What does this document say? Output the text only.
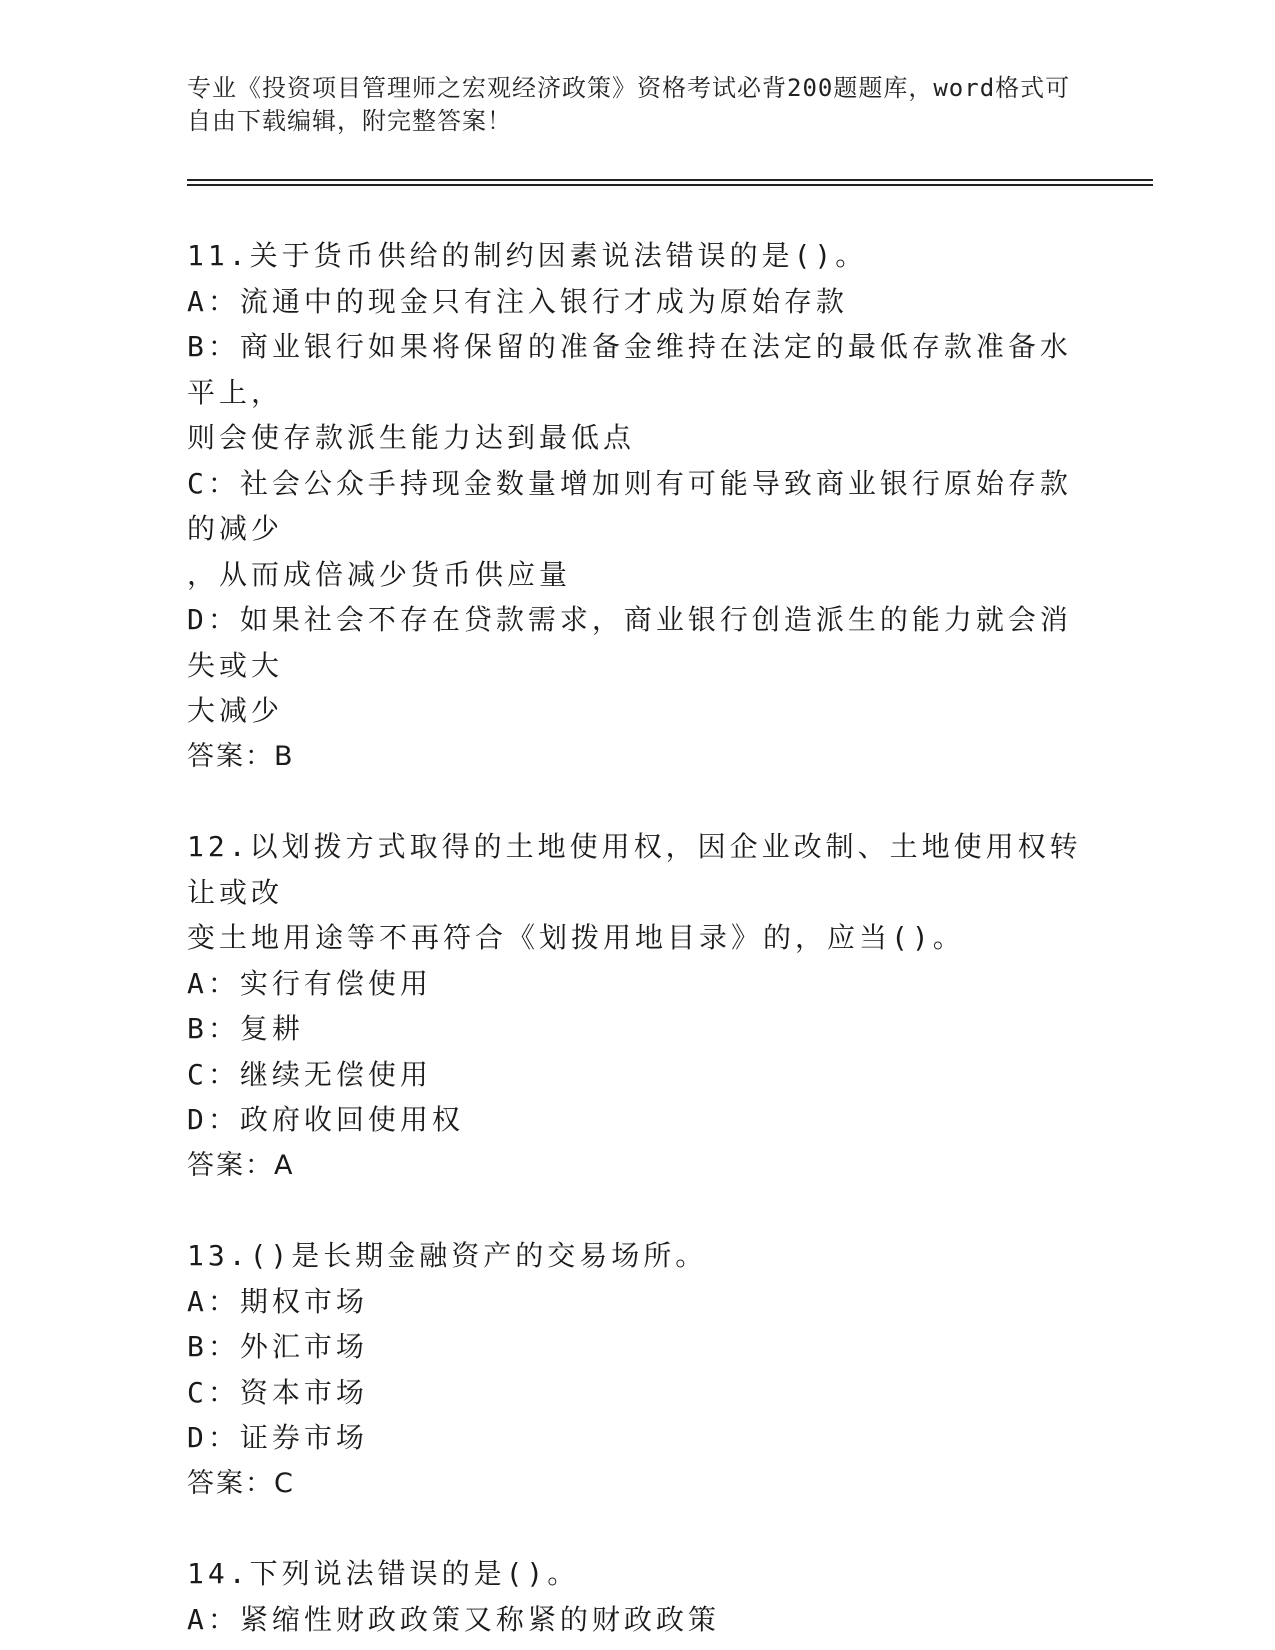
专业《投资项目管理师之宏观经济政策》资格考试必背200题题库，word格式可
自由下载编辑，附完整答案！
11.关于货币供给的制约因素说法错误的是()。
A：流通中的现金只有注入银行才成为原始存款
B：商业银行如果将保留的准备金维持在法定的最低存款准备水平上，
则会使存款派生能力达到最低点
C：社会公众手持现金数量增加则有可能导致商业银行原始存款的减少
，从而成倍减少货币供应量
D：如果社会不存在贷款需求，商业银行创造派生的能力就会消失或大
大减少
答案：B
12.以划拨方式取得的土地使用权，因企业改制、土地使用权转让或改
变土地用途等不再符合《划拨用地目录》的，应当()。
A：实行有偿使用
B：复耕
C：继续无偿使用
D：政府收回使用权
答案：A
13.()是长期金融资产的交易场所。
A：期权市场
B：外汇市场
C：资本市场
D：证券市场
答案：C
14.下列说法错误的是()。
A：紧缩性财政政策又称紧的财政政策
